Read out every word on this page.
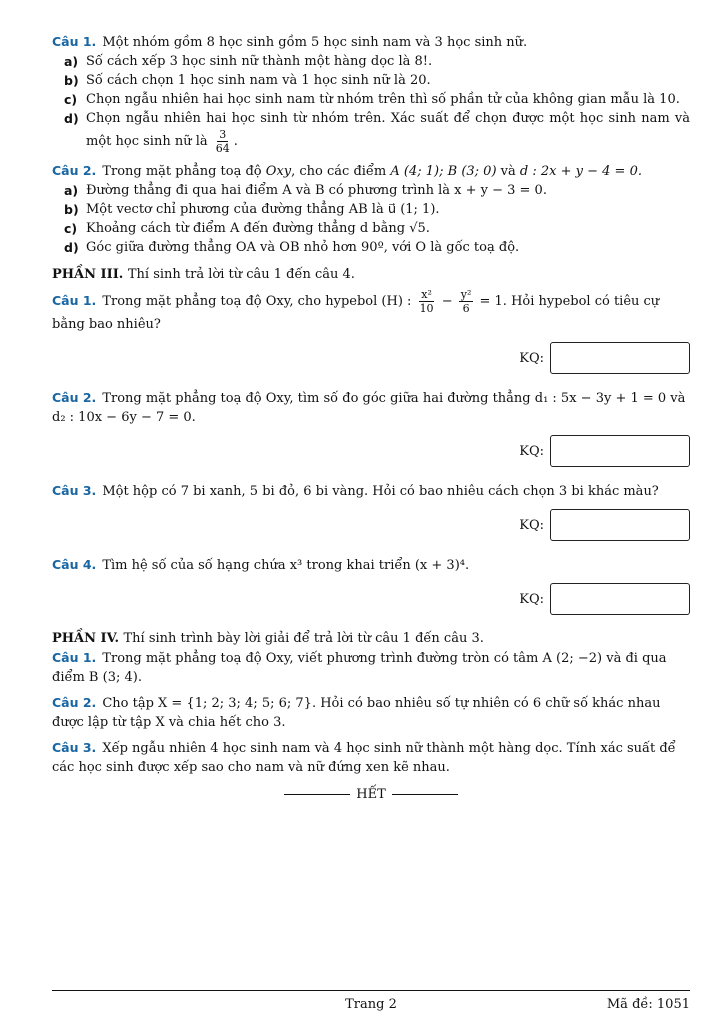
Câu 1. Một nhóm gồm 8 học sinh gồm 5 học sinh nam và 3 học sinh nữ.

a) Số cách xếp 3 học sinh nữ thành một hàng dọc là 8!.
b) Số cách chọn 1 học sinh nam và 1 học sinh nữ là 20.
c) Chọn ngẫu nhiên hai học sinh nam từ nhóm trên thì số phần tử của không gian mẫu là 10.
d) Chọn ngẫu nhiên hai học sinh từ nhóm trên. Xác suất để chọn được một học sinh nam và một học sinh nữ là $\frac{3}{64}$ .

Câu 2. Trong mặt phẳng toạ độ Oxy, cho các điểm A (4; 1); B (3; 0) và d : 2x + y − 4 = 0.

a) Đường thẳng đi qua hai điểm A và B có phương trình là x + y − 3 = 0.
b) Một vectơ chỉ phương của đường thẳng AB là u⃗ (1; 1).
c) Khoảng cách từ điểm A đến đường thẳng d bằng √5.
d) Góc giữa đường thẳng OA và OB nhỏ hơn 90º, với O là gốc toạ độ.

PHẦN III. Thí sinh trả lời từ câu 1 đến câu 4.

Câu 1. Trong mặt phẳng toạ độ Oxy, cho hypebol (H) : $\frac{\text{x²}}{10} - \frac{\text{y²}}{6} = 1$. Hỏi hypebol có tiêu cự bằng bao nhiêu?

KQ:

Câu 2. Trong mặt phẳng toạ độ Oxy, tìm số đo góc giữa hai đường thẳng d₁ : 5x − 3y + 1 = 0 và d₂ : 10x − 6y − 7 = 0.

KQ:

Câu 3. Một hộp có 7 bi xanh, 5 bi đỏ, 6 bi vàng. Hỏi có bao nhiêu cách chọn 3 bi khác màu?

KQ:

Câu 4. Tìm hệ số của số hạng chứa x³ trong khai triển (x + 3)⁴.

KQ:

PHẦN IV. Thí sinh trình bày lời giải để trả lời từ câu 1 đến câu 3.

Câu 1. Trong mặt phẳng toạ độ Oxy, viết phương trình đường tròn có tâm A (2; −2) và đi qua điểm B (3; 4).

Câu 2. Cho tập X = {1; 2; 3; 4; 5; 6; 7}. Hỏi có bao nhiêu số tự nhiên có 6 chữ số khác nhau được lập từ tập X và chia hết cho 3.

Câu 3. Xếp ngẫu nhiên 4 học sinh nam và 4 học sinh nữ thành một hàng dọc. Tính xác suất để các học sinh được xếp sao cho nam và nữ đứng xen kẽ nhau.

HẾT
Trang 2	Mã đề: 1051
